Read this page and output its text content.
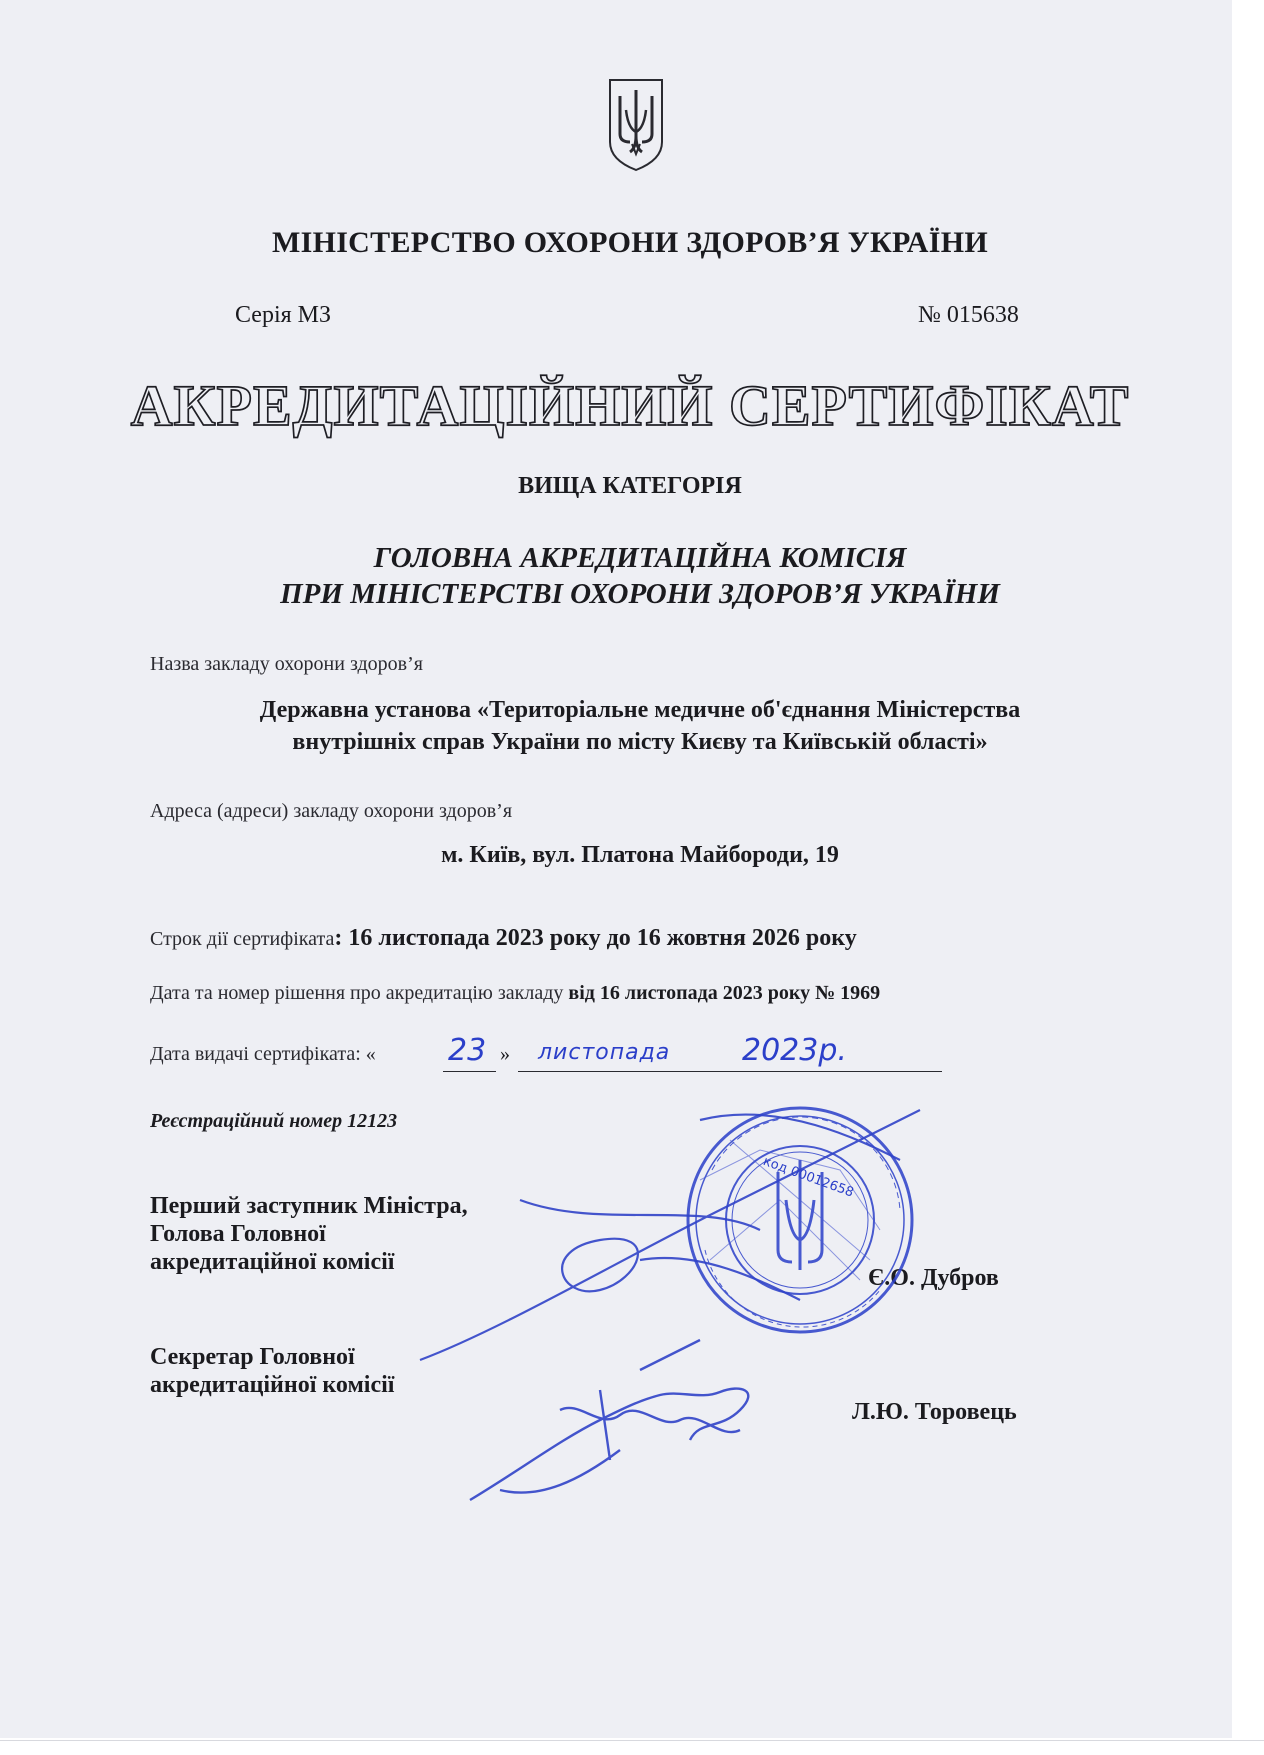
МІНІСТЕРСТВО ОХОРОНИ ЗДОРОВ’Я УКРАЇНИ
Серія МЗ	№ 015638
АКРЕДИТАЦІЙНИЙ СЕРТИФІКАТ
ВИЩА КАТЕГОРІЯ
ГОЛОВНА АКРЕДИТАЦІЙНА КОМІСІЯ
ПРИ МІНІСТЕРСТВІ ОХОРОНИ ЗДОРОВ’Я УКРАЇНИ
Назва закладу охорони здоров’я
Державна установа «Територіальне медичне об'єднання Міністерства
внутрішніх справ України по місту Києву та Київській області»
Адреса (адреси) закладу охорони здоров’я
м. Київ, вул. Платона Майбороди, 19
Строк дії сертифіката: 16 листопада 2023 року до 16 жовтня 2026 року
Дата та номер рішення про акредитацію закладу від 16 листопада 2023 року № 1969
Дата видачі сертифіката: «	»
23 листопада 2023р.
Реєстраційний номер 12123
Перший заступник Міністра,
Голова Головної
акредитаційної комісії
Є.О. Дубров
Секретар Головної
акредитаційної комісії
Л.Ю. Торовець
код 00012658
